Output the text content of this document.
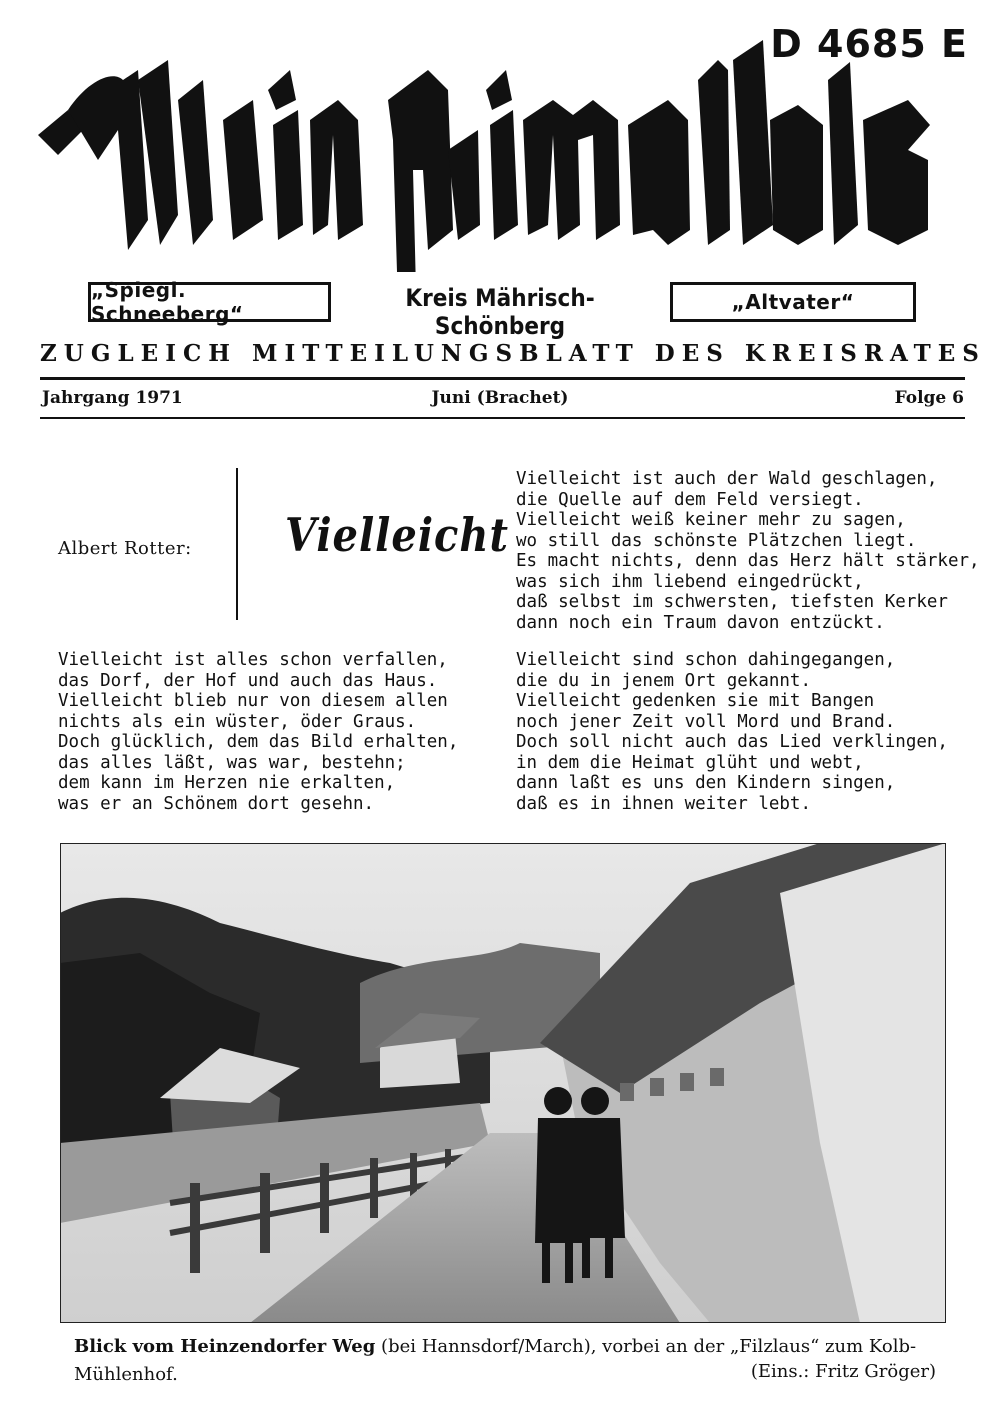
D 4685 E
„Spiegl. Schneeberg“
Kreis Mährisch-Schönberg
„Altvater“
ZUGLEICH MITTEILUNGSBLATT DES KREISRATES
Jahrgang 1971	Juni (Brachet)	Folge 6
Albert Rotter: Vielleicht
Vielleicht ist alles schon verfallen,
das Dorf, der Hof und auch das Haus.
Vielleicht blieb nur von diesem allen
nichts als ein wüster, öder Graus.
Doch glücklich, dem das Bild erhalten,
das alles läßt, was war, bestehn;
dem kann im Herzen nie erkalten,
was er an Schönem dort gesehn.
Vielleicht ist auch der Wald geschlagen,
die Quelle auf dem Feld versiegt.
Vielleicht weiß keiner mehr zu sagen,
wo still das schönste Plätzchen liegt.
Es macht nichts, denn das Herz hält stärker,
was sich ihm liebend eingedrückt,
daß selbst im schwersten, tiefsten Kerker
dann noch ein Traum davon entzückt.
Vielleicht sind schon dahingegangen,
die du in jenem Ort gekannt.
Vielleicht gedenken sie mit Bangen
noch jener Zeit voll Mord und Brand.
Doch soll nicht auch das Lied verklingen,
in dem die Heimat glüht und webt,
dann laßt es uns den Kindern singen,
daß es in ihnen weiter lebt.
Blick vom Heinzendorfer Weg (bei Hannsdorf/March), vorbei an der „Filzlaus“ zum Kolb-Mühlenhof.	(Eins.: Fritz Gröger)
